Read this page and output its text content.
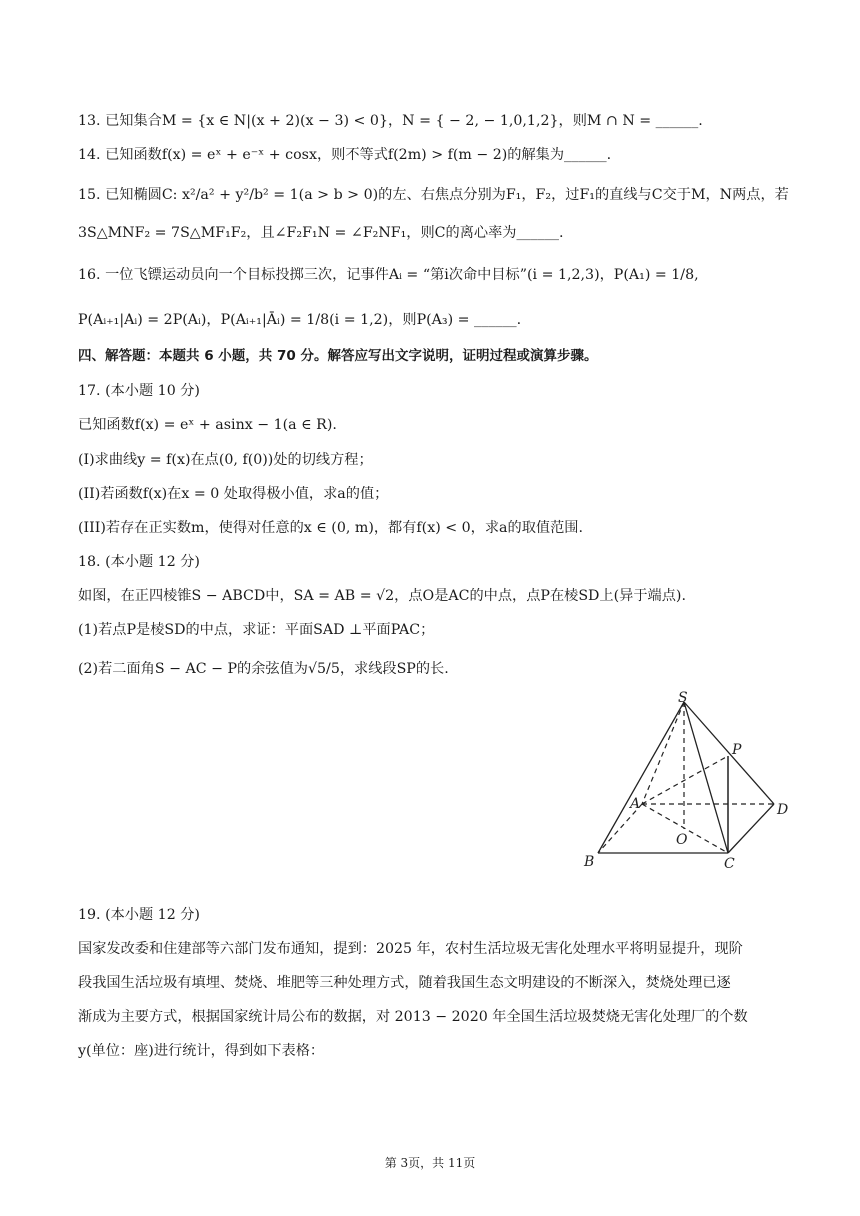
13. 已知集合M = {x ∈ N|(x + 2)(x − 3) < 0}，N = { − 2, − 1,0,1,2}，则M ∩ N = ______.
14. 已知函数f(x) = eˣ + e⁻ˣ + cosx，则不等式f(2m) > f(m − 2)的解集为______.
15. 已知椭圆C: x²/a² + y²/b² = 1(a > b > 0)的左、右焦点分别为F₁，F₂，过F₁的直线与C交于M，N两点，若
3S△MNF₂ = 7S△MF₁F₂，且∠F₂F₁N = ∠F₂NF₁，则C的离心率为______.
16. 一位飞镖运动员向一个目标投掷三次，记事件Aᵢ = “第i次命中目标”(i = 1,2,3)，P(A₁) = 1/8,
P(Aᵢ₊₁|Aᵢ) = 2P(Aᵢ)，P(Aᵢ₊₁|Āᵢ) = 1/8(i = 1,2)，则P(A₃) = ______.
四、解答题：本题共 6 小题，共 70 分。解答应写出文字说明，证明过程或演算步骤。
17. (本小题 10 分)
已知函数f(x) = eˣ + asinx − 1(a ∈ R).
(I)求曲线y = f(x)在点(0, f(0))处的切线方程；
(II)若函数f(x)在x = 0 处取得极小值，求a的值；
(III)若存在正实数m，使得对任意的x ∈ (0, m)，都有f(x) < 0，求a的取值范围.
18. (本小题 12 分)
如图，在正四棱锥S − ABCD中，SA = AB = √2，点O是AC的中点，点P在棱SD上(异于端点).
(1)若点P是棱SD的中点，求证：平面SAD ⊥平面PAC；
(2)若二面角S − AC − P的余弦值为√5/5，求线段SP的长.
S
P
A	D
O
B	C
19. (本小题 12 分)
国家发改委和住建部等六部门发布通知，提到：2025 年，农村生活垃圾无害化处理水平将明显提升，现阶
段我国生活垃圾有填埋、焚烧、堆肥等三种处理方式，随着我国生态文明建设的不断深入，焚烧处理已逐
渐成为主要方式，根据国家统计局公布的数据，对 2013 − 2020 年全国生活垃圾焚烧无害化处理厂的个数
y(单位：座)进行统计，得到如下表格：
第 3页，共 11页
